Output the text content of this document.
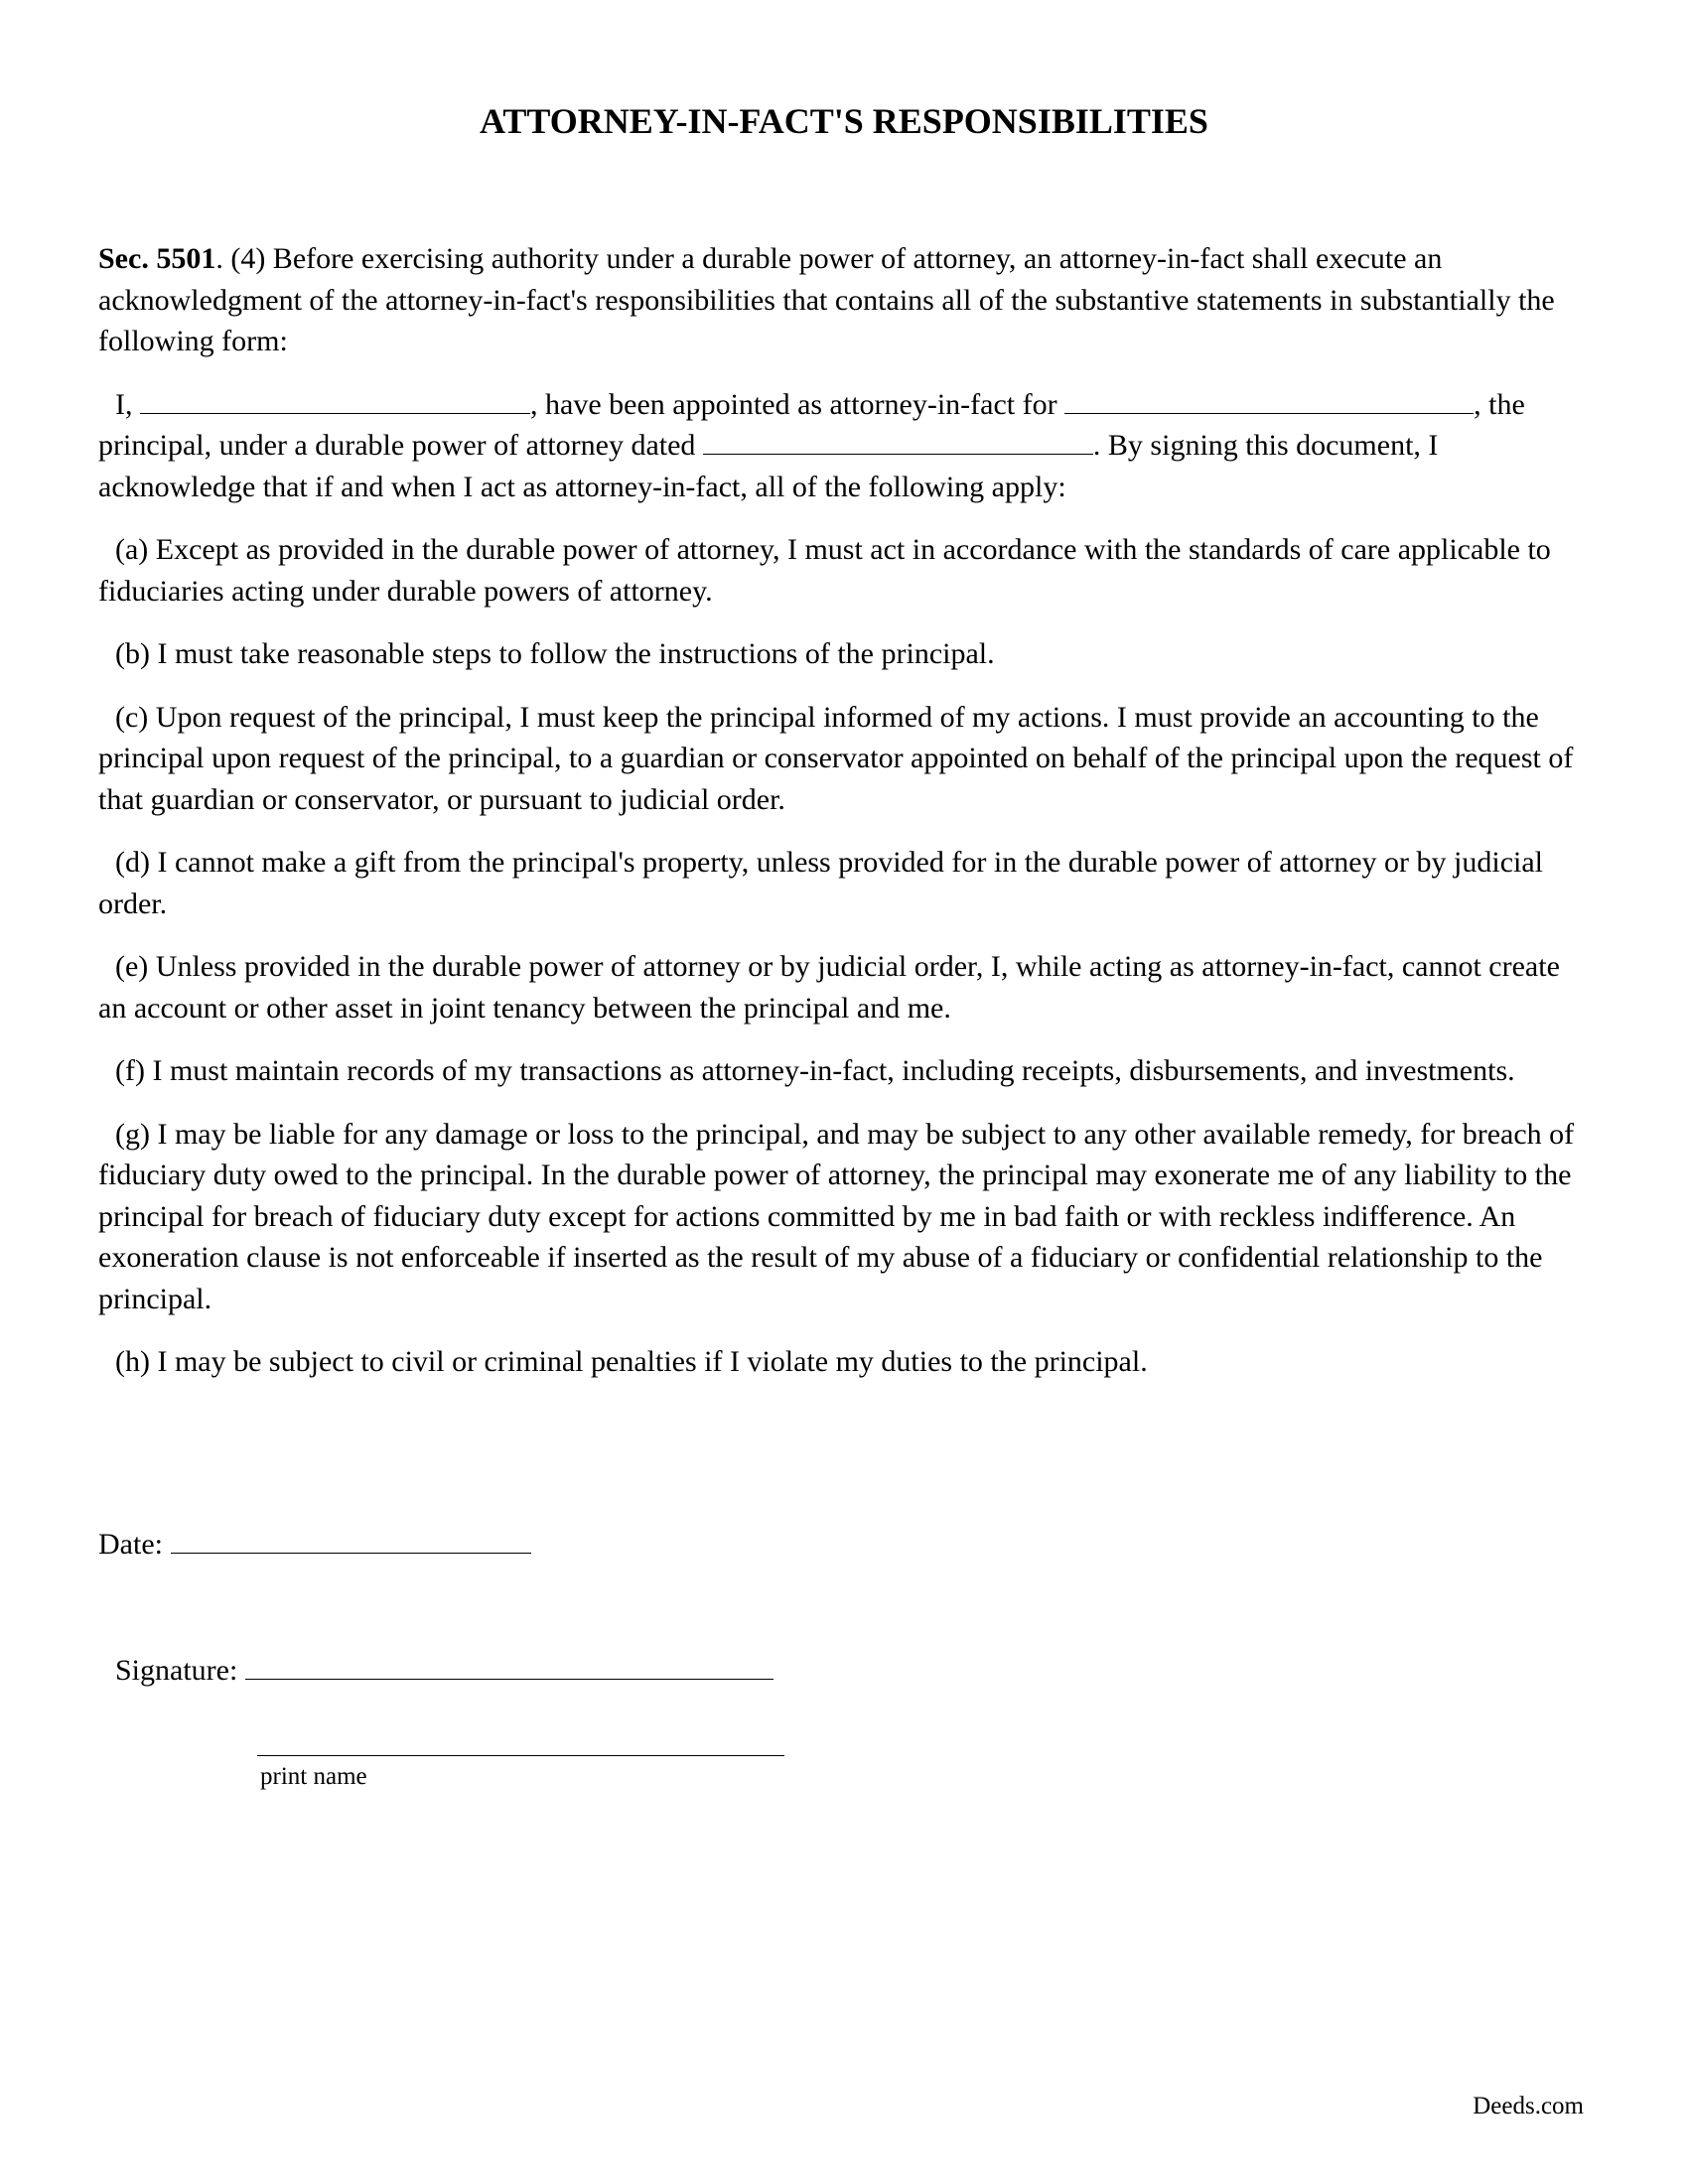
ATTORNEY-IN-FACT'S RESPONSIBILITIES

Sec. 5501. (4) Before exercising authority under a durable power of attorney, an attorney-in-fact shall execute an acknowledgment of the attorney-in-fact's responsibilities that contains all of the substantive statements in substantially the following form:

I,	, have been appointed as attorney-in-fact for	, the principal, under a durable power of attorney dated	. By signing this document, I acknowledge that if and when I act as attorney-in-fact, all of the following apply:

(a) Except as provided in the durable power of attorney, I must act in accordance with the standards of care applicable to fiduciaries acting under durable powers of attorney.

(b) I must take reasonable steps to follow the instructions of the principal.

(c) Upon request of the principal, I must keep the principal informed of my actions. I must provide an accounting to the principal upon request of the principal, to a guardian or conservator appointed on behalf of the principal upon the request of that guardian or conservator, or pursuant to judicial order.

(d) I cannot make a gift from the principal's property, unless provided for in the durable power of attorney or by judicial order.

(e) Unless provided in the durable power of attorney or by judicial order, I, while acting as attorney-in-fact, cannot create an account or other asset in joint tenancy between the principal and me.

(f) I must maintain records of my transactions as attorney-in-fact, including receipts, disbursements, and investments.

(g) I may be liable for any damage or loss to the principal, and may be subject to any other available remedy, for breach of fiduciary duty owed to the principal. In the durable power of attorney, the principal may exonerate me of any liability to the principal for breach of fiduciary duty except for actions committed by me in bad faith or with reckless indifference. An exoneration clause is not enforceable if inserted as the result of my abuse of a fiduciary or confidential relationship to the principal.

(h) I may be subject to civil or criminal penalties if I violate my duties to the principal.

Date:
Signature:
print name
Deeds.com
